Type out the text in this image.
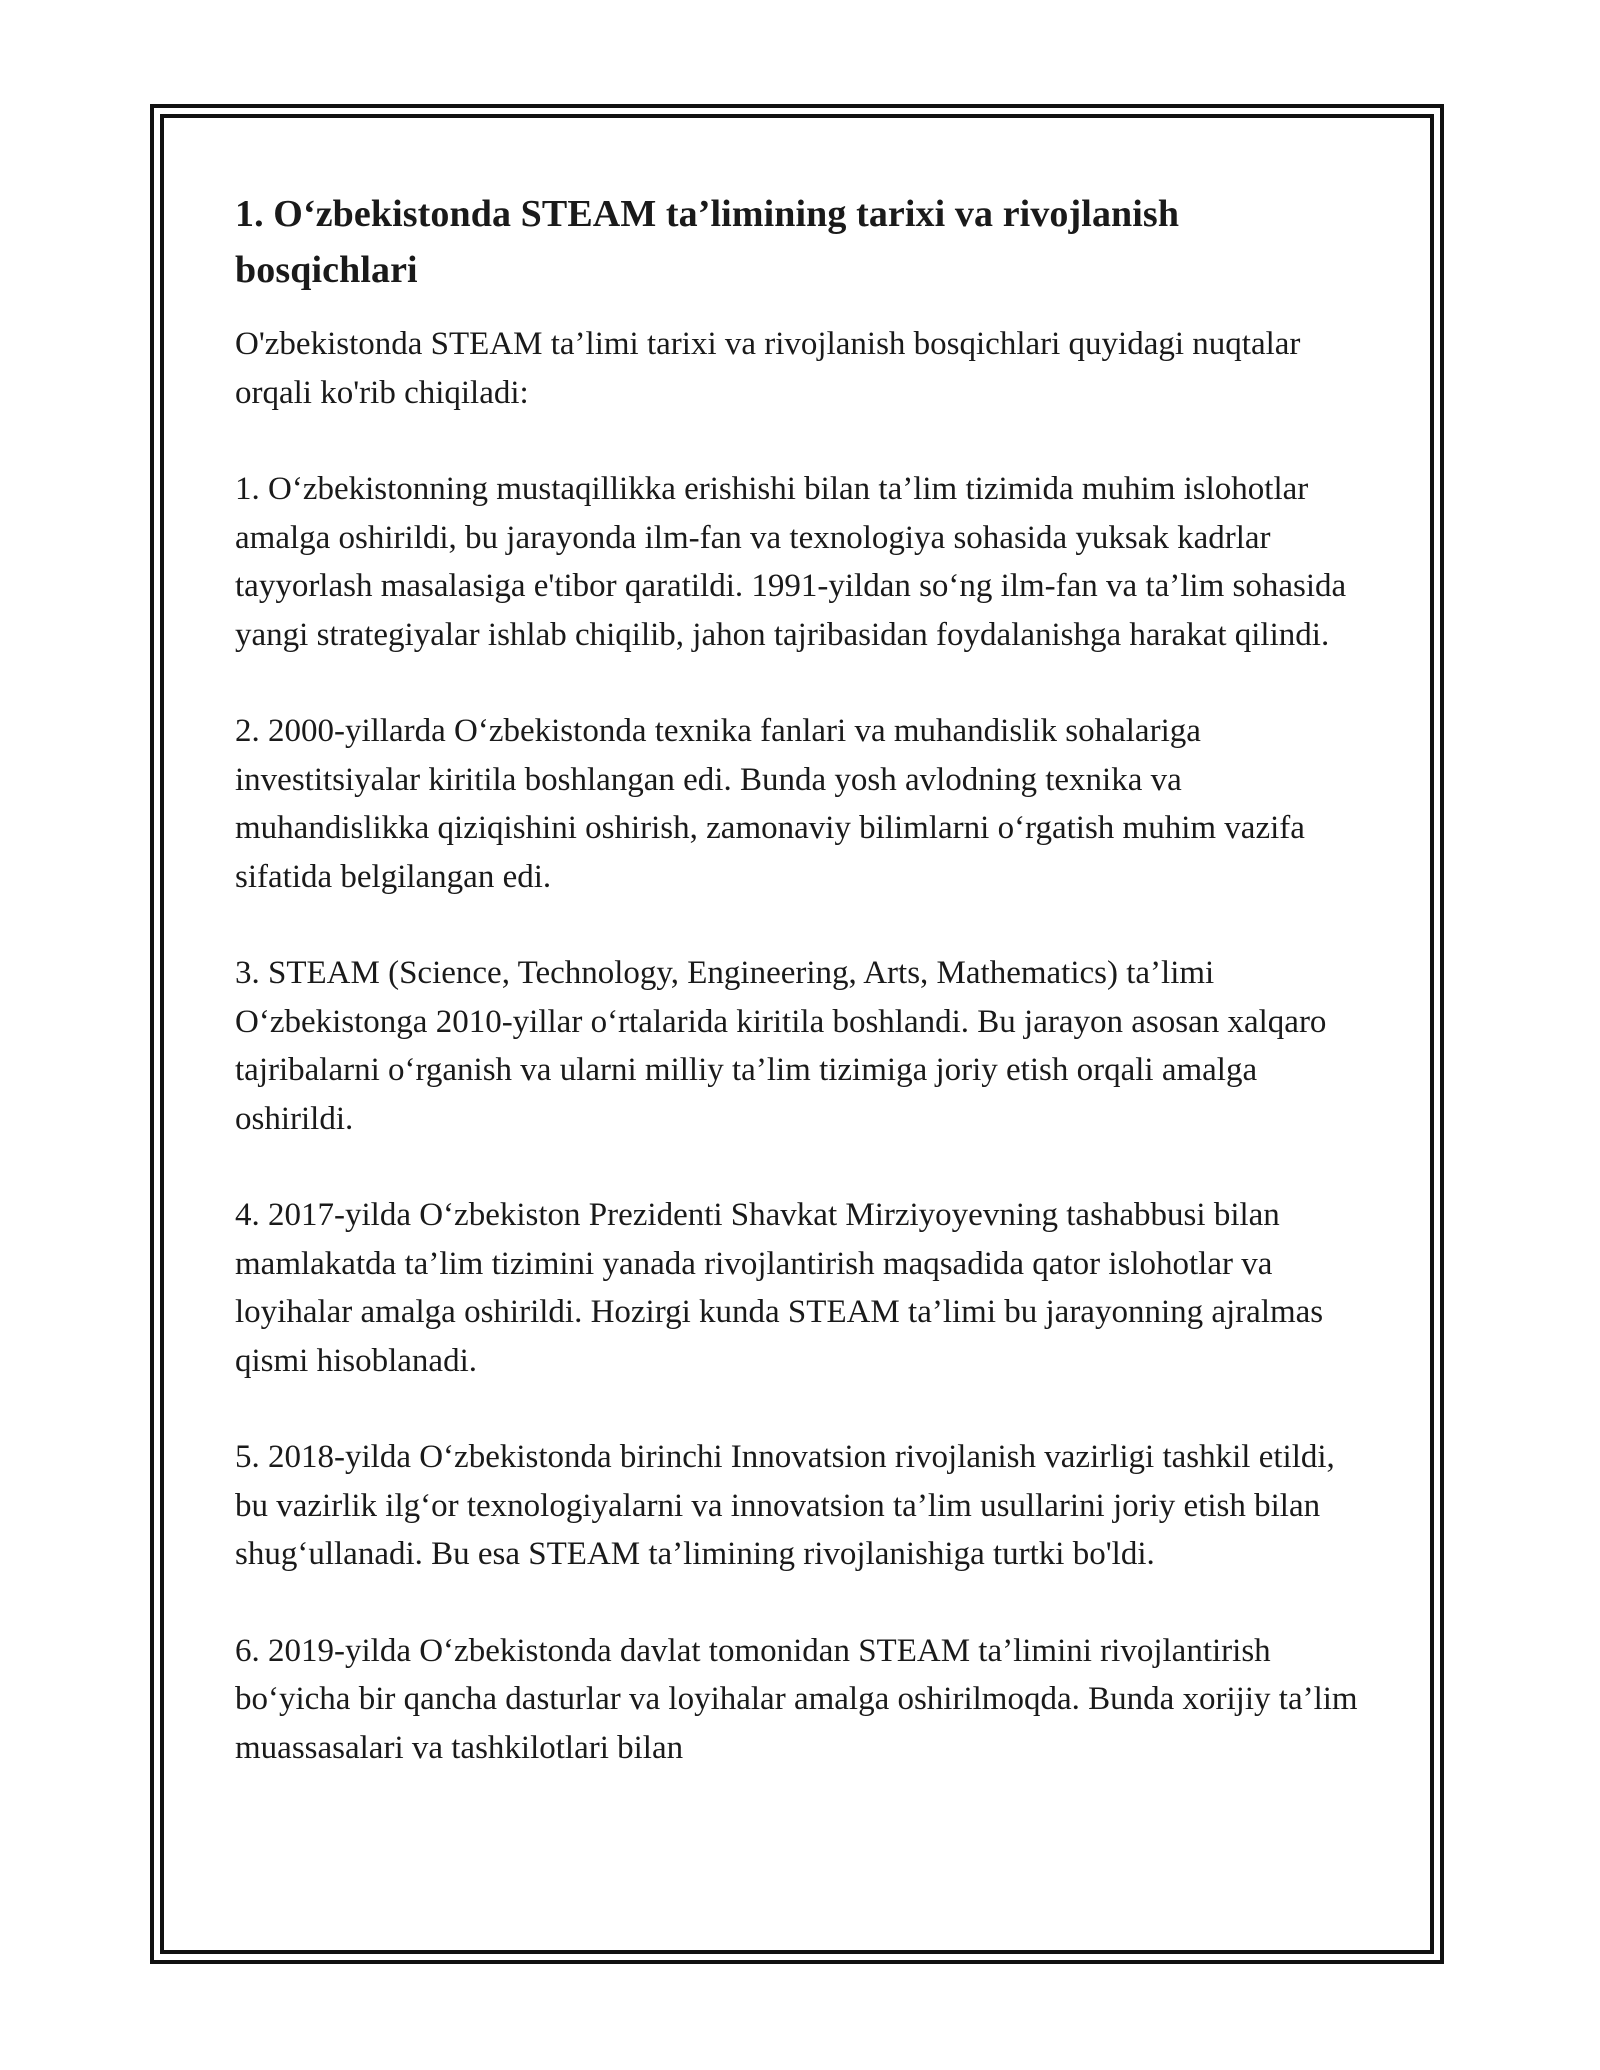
1. O‘zbekistonda STEAM ta’limining tarixi va rivojlanish bosqichlari

O'zbekistonda STEAM ta’limi tarixi va rivojlanish bosqichlari quyidagi nuqtalar orqali ko'rib chiqiladi:

1. O‘zbekistonning mustaqillikka erishishi bilan ta’lim tizimida muhim islohotlar amalga oshirildi, bu jarayonda ilm-fan va texnologiya sohasida yuksak kadrlar tayyorlash masalasiga e'tibor qaratildi. 1991-yildan so‘ng ilm-fan va ta’lim sohasida yangi strategiyalar ishlab chiqilib, jahon tajribasidan foydalanishga harakat qilindi.

2. 2000-yillarda O‘zbekistonda texnika fanlari va muhandislik sohalariga investitsiyalar kiritila boshlangan edi. Bunda yosh avlodning texnika va muhandislikka qiziqishini oshirish, zamonaviy bilimlarni o‘rgatish muhim vazifa sifatida belgilangan edi.

3. STEAM (Science, Technology, Engineering, Arts, Mathematics) ta’limi O‘zbekistonga 2010-yillar o‘rtalarida kiritila boshlandi. Bu jarayon asosan xalqaro tajribalarni o‘rganish va ularni milliy ta’lim tizimiga joriy etish orqali amalga oshirildi.

4. 2017-yilda O‘zbekiston Prezidenti Shavkat Mirziyoyevning tashabbusi bilan mamlakatda ta’lim tizimini yanada rivojlantirish maqsadida qator islohotlar va loyihalar amalga oshirildi. Hozirgi kunda STEAM ta’limi bu jarayonning ajralmas qismi hisoblanadi.

5. 2018-yilda O‘zbekistonda birinchi Innovatsion rivojlanish vazirligi tashkil etildi, bu vazirlik ilg‘or texnologiyalarni va innovatsion ta’lim usullarini joriy etish bilan shug‘ullanadi. Bu esa STEAM ta’limining rivojlanishiga turtki bo'ldi.

6. 2019-yilda O‘zbekistonda davlat tomonidan STEAM ta’limini rivojlantirish bo‘yicha bir qancha dasturlar va loyihalar amalga oshirilmoqda. Bunda xorijiy ta’lim muassasalari va tashkilotlari bilan
